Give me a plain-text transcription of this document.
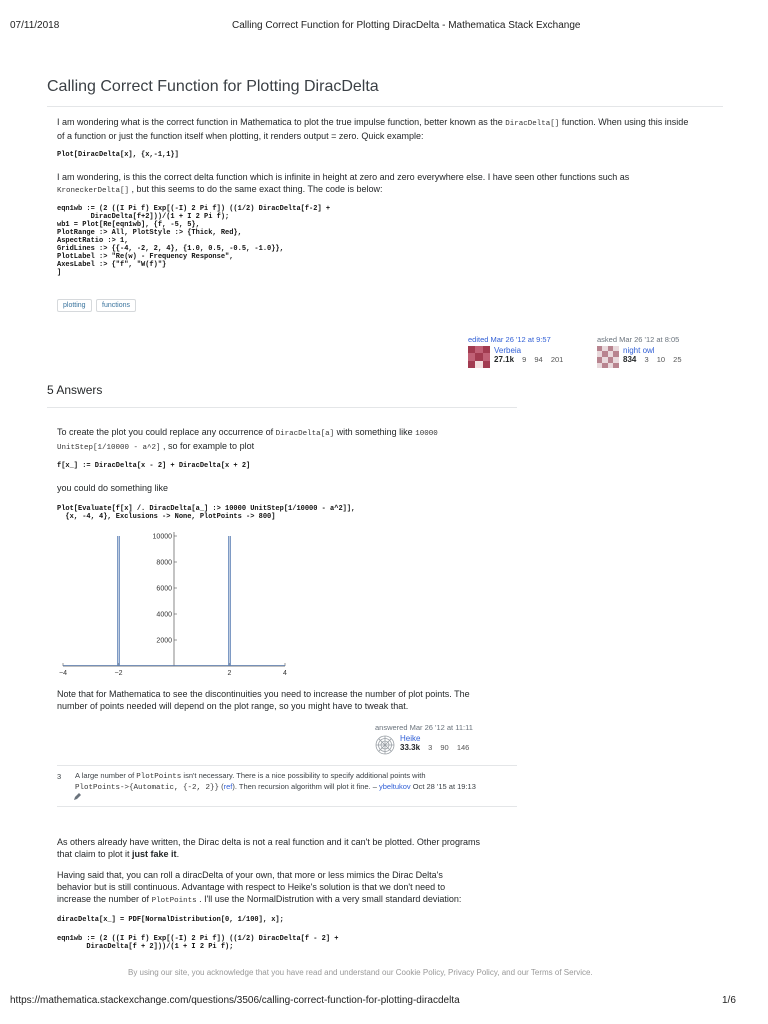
07/11/2018	Calling Correct Function for Plotting DiracDelta - Mathematica Stack Exchange
Calling Correct Function for Plotting DiracDelta
I am wondering what is the correct function in Mathematica to plot the true impulse function, better known as the DiracDelta[] function. When using this inside
of a function or just the function itself when plotting, it renders output = zero. Quick example:
Plot[DiracDelta[x], {x,-1,1}]
I am wondering, is this the correct delta function which is infinite in height at zero and zero everywhere else. I have seen other functions such as
KroneckerDelta[] , but this seems to do the same exact thing. The code is below:
eqn1wb := (2 ((I Pi f) Exp[(-I) 2 Pi f]) ((1/2) DiracDelta[f-2] +
DiracDelta[f+2]))/(1 + I 2 Pi f);
wb1 = Plot[Re[eqn1wb], {f, -5, 5},
PlotRange :> All, PlotStyle :> {Thick, Red},
AspectRatio :> 1,
GridLines :> {{-4, -2, 2, 4}, {1.0, 0.5, -0.5, -1.0}},
PlotLabel :> "Re(w) - Frequency Response",
AxesLabel :> {"f", "W(f)"}
]
plotting	functions
edited Mar 26 '12 at 9:57
Verbeia
27.1k 9 94 201
asked Mar 26 '12 at 8:05
night owl
834 3 10 25
5 Answers
To create the plot you could replace any occurrence of DiracDelta[a] with something like 10000
UnitStep[1/10000 - a^2] , so for example to plot
f[x_] := DiracDelta[x - 2] + DiracDelta[x + 2]
you could do something like
Plot[Evaluate[f[x] /. DiracDelta[a_] :> 10000 UnitStep[1/10000 - a^2]],
{x, -4, 4}, Exclusions -> None, PlotPoints -> 800]
−4	−2	2	4
2000
4000
6000
8000
10000
Note that for Mathematica to see the discontinuities you need to increase the number of plot points. The
number of points needed will depend on the plot range, so you might have to tweak that.
answered Mar 26 '12 at 11:11
Heike
33.3k 3 90 146
3 A large number of PlotPoints isn't necessary. There is a nice possibility to specify additional points with
PlotPoints->{Automatic, {-2, 2}} (ref). Then recursion algorithm will plot it fine. – ybeltukov Oct 28 '15 at 19:13
As others already have written, the Dirac delta is not a real function and it can't be plotted. Other programs
that claim to plot it just fake it.
Having said that, you can roll a diracDelta of your own, that more or less mimics the Dirac Delta's
behavior but is still continuous. Advantage with respect to Heike's solution is that we don't need to
increase the number of PlotPoints . I'll use the NormalDistrution with a very small standard deviation:
diracDelta[x_] = PDF[NormalDistribution[0, 1/100], x];
eqn1wb := (2 ((I Pi f) Exp[(-I) 2 Pi f]) ((1/2) DiracDelta[f - 2] +
DiracDelta[f + 2]))/(1 + I 2 Pi f);
By using our site, you acknowledge that you have read and understand our Cookie Policy, Privacy Policy, and our Terms of Service.
https://mathematica.stackexchange.com/questions/3506/calling-correct-function-for-plotting-diracdelta	1/6
